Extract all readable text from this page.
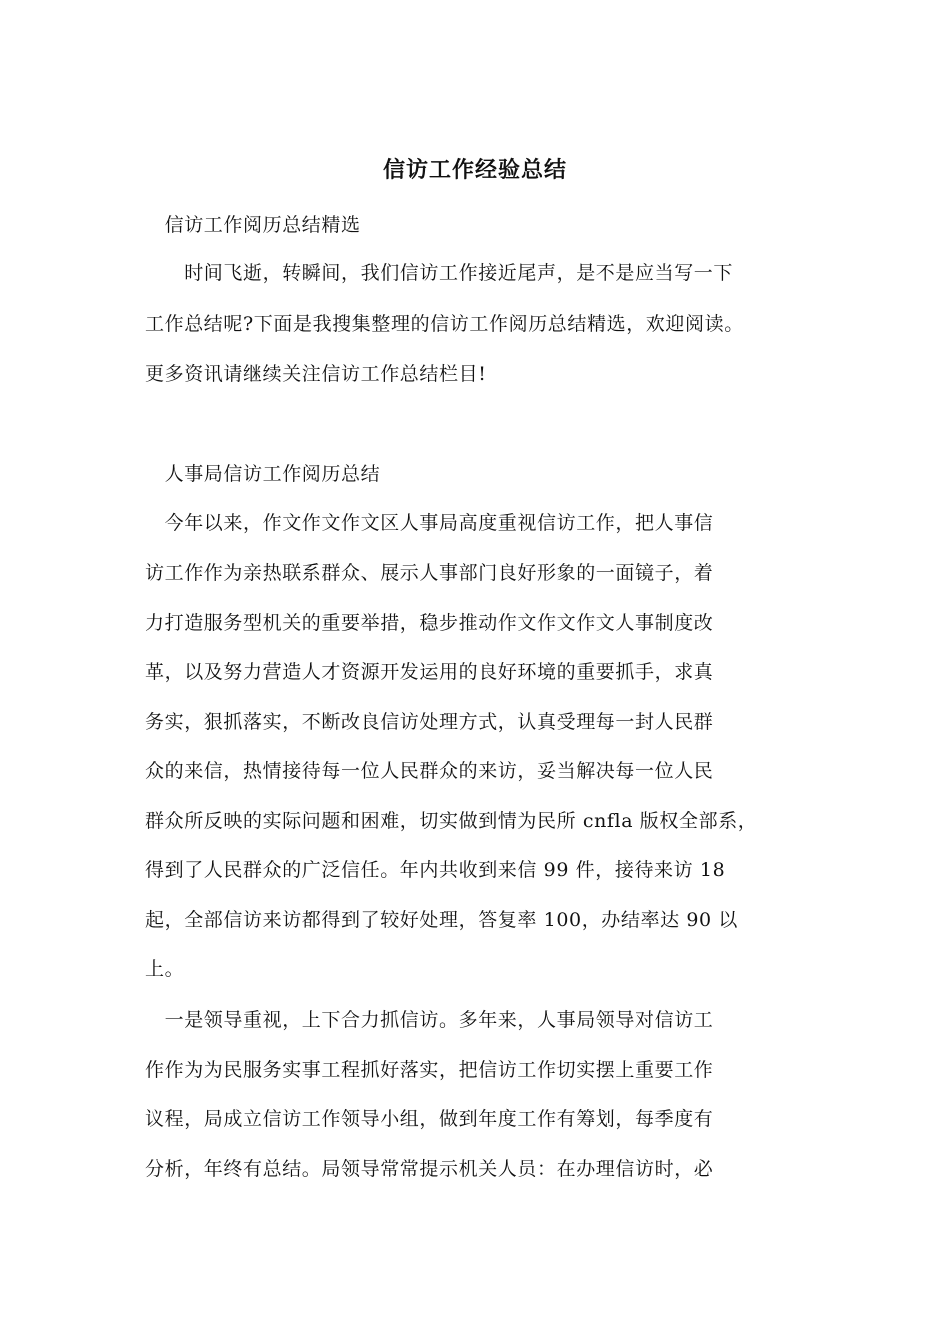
信访工作经验总结
　信访工作阅历总结精选
　　时间飞逝，转瞬间，我们信访工作接近尾声，是不是应当写一下
工作总结呢?下面是我搜集整理的信访工作阅历总结精选，欢迎阅读。
更多资讯请继续关注信访工作总结栏目!
　人事局信访工作阅历总结
　今年以来，作文作文作文区人事局高度重视信访工作，把人事信
访工作作为亲热联系群众、展示人事部门良好形象的一面镜子，着
力打造服务型机关的重要举措，稳步推动作文作文作文人事制度改
革，以及努力营造人才资源开发运用的良好环境的重要抓手，求真
务实，狠抓落实，不断改良信访处理方式，认真受理每一封人民群
众的来信，热情接待每一位人民群众的来访，妥当解决每一位人民
群众所反映的实际问题和困难，切实做到情为民所 cnfla 版权全部系，
得到了人民群众的广泛信任。年内共收到来信 99 件，接待来访 18
起，全部信访来访都得到了较好处理，答复率 100，办结率达 90 以
上。
　一是领导重视，上下合力抓信访。多年来，人事局领导对信访工
作作为为民服务实事工程抓好落实，把信访工作切实摆上重要工作
议程，局成立信访工作领导小组，做到年度工作有筹划，每季度有
分析，年终有总结。局领导常常提示机关人员：在办理信访时，必
